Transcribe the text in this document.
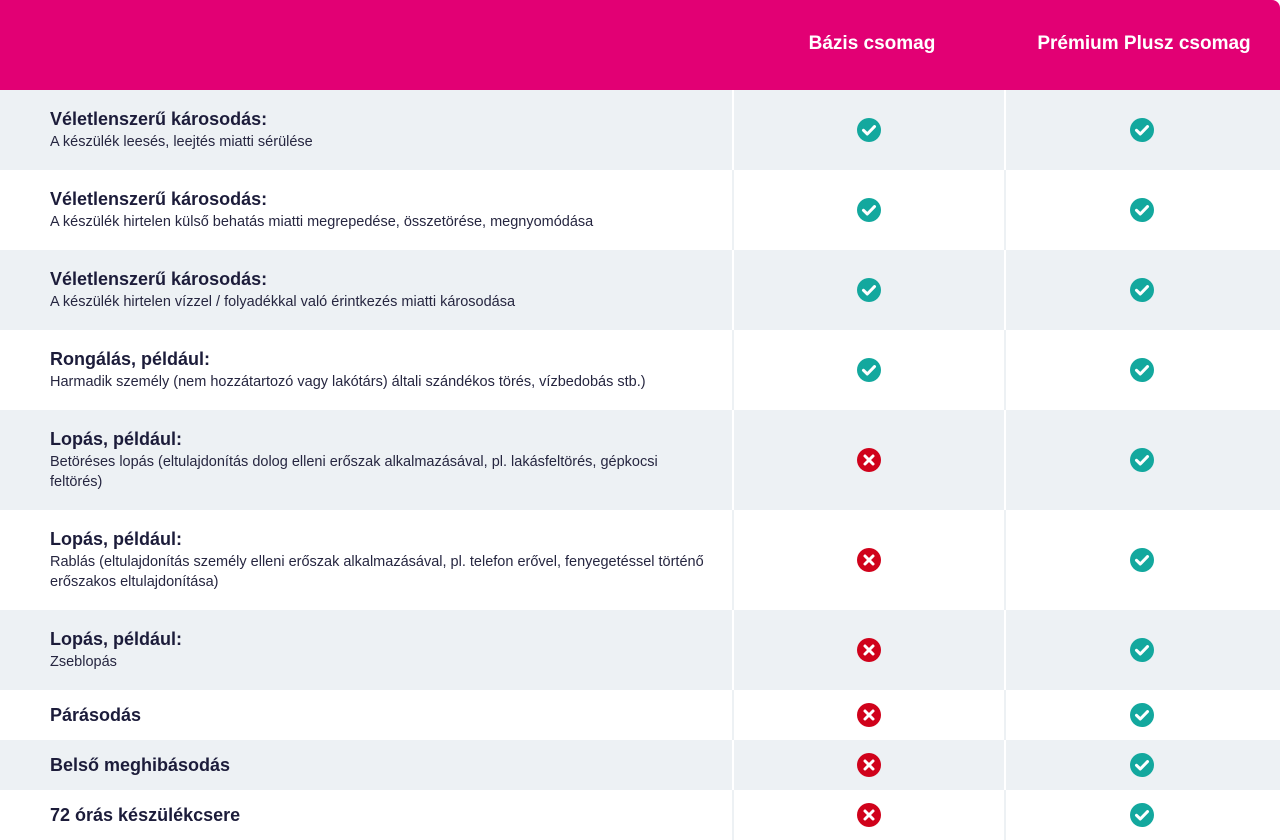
Bázis csomag	Prémium Plusz csomag
Véletlenszerű károsodás:
A készülék leesés, leejtés miatti sérülése
Véletlenszerű károsodás:
A készülék hirtelen külső behatás miatti megrepedése, összetörése, megnyomódása
Véletlenszerű károsodás:
A készülék hirtelen vízzel / folyadékkal való érintkezés miatti károsodása
Rongálás, például:
Harmadik személy (nem hozzátartozó vagy lakótárs) általi szándékos törés, vízbedobás stb.)
Lopás, például:
Betöréses lopás (eltulajdonítás dolog elleni erőszak alkalmazásával, pl. lakásfeltörés, gépkocsi feltörés)
Lopás, például:
Rablás (eltulajdonítás személy elleni erőszak alkalmazásával, pl. telefon erővel, fenyegetéssel történő erőszakos eltulajdonítása)
Lopás, például:
Zseblopás
Párásodás
Belső meghibásodás
72 órás készülékcsere
